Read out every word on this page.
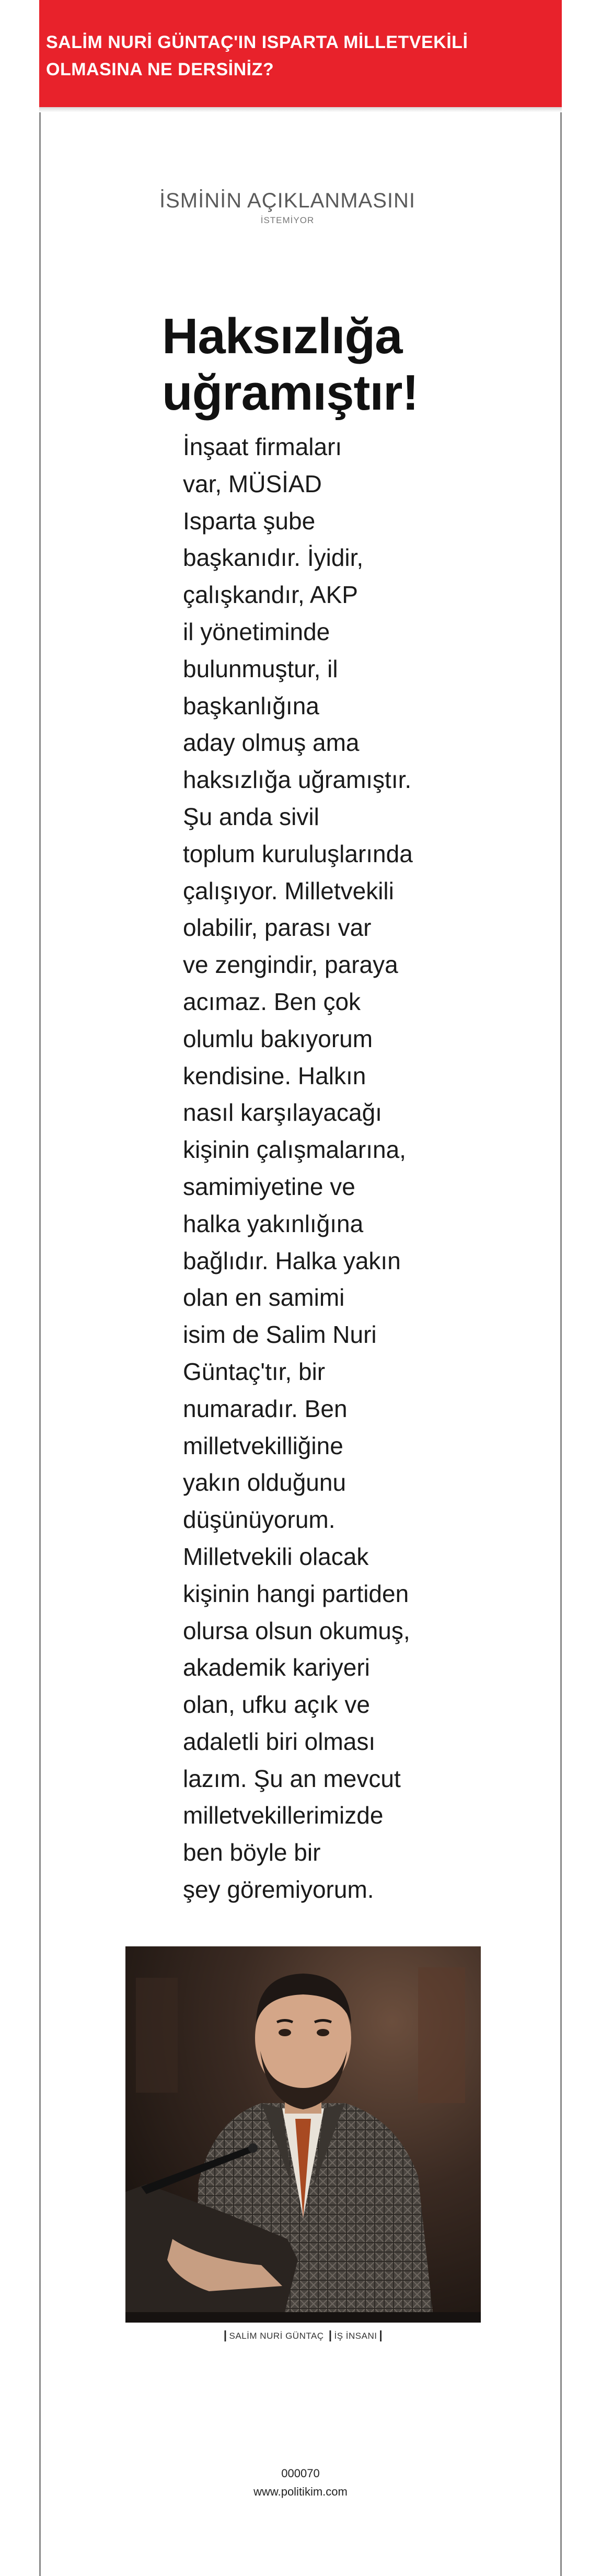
SALİM NURİ GÜNTAÇ'IN ISPARTA MİLLETVEKİLİ
OLMASINA NE DERSİNİZ?
İSMİNİN AÇIKLANMASINI
İSTEMİYOR
Haksızlığa
uğramıştır!
İnşaat firmaları
var, MÜSİAD
Isparta şube
başkanıdır. İyidir,
çalışkandır, AKP
il yönetiminde
bulunmuştur, il
başkanlığına
aday olmuş ama
haksızlığa uğramıştır.
Şu anda sivil
toplum kuruluşlarında
çalışıyor. Milletvekili
olabilir, parası var
ve zengindir, paraya
acımaz. Ben çok
olumlu bakıyorum
kendisine. Halkın
nasıl karşılayacağı
kişinin çalışmalarına,
samimiyetine ve
halka yakınlığına
bağlıdır. Halka yakın
olan en samimi
isim de Salim Nuri
Güntaç'tır, bir
numaradır. Ben
milletvekilliğine
yakın olduğunu
düşünüyorum.
Milletvekili olacak
kişinin hangi partiden
olursa olsun okumuş,
akademik kariyeri
olan, ufku açık ve
adaletli biri olması
lazım. Şu an mevcut
milletvekillerimizde
ben böyle bir
şey göremiyorum.
| SALİM NURİ GÜNTAÇ | İŞ İNSANI |
000070
www.politikim.com
